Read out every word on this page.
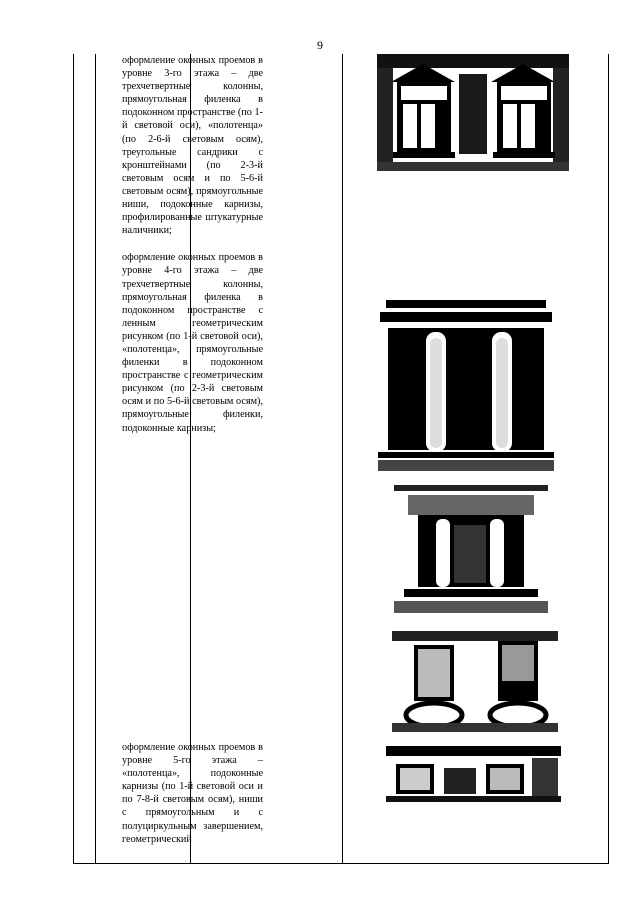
9

оформление оконных проемов в уровне 3-го этажа – две трехчетвертные колонны, прямоугольная филенка в подоконном пространстве (по 1-й световой оси), «полотенца» (по 2-6-й световым осям), треугольные сандрики с кронштейнами (по 2-3-й световым осям и по 5-6-й световым осям), прямоугольные ниши, подоконные карнизы, профилированные штукатурные наличники;

оформление оконных проемов в уровне 4-го этажа – две трехчетвертные колонны, прямоугольная филенка в подоконном пространстве с ленным геометрическим рисунком (по 1-й световой оси), «полотенца», прямоугольные филенки в подоконном пространстве с геометрическим рисунком (по 2-3-й световым осям и по 5-6-й световым осям), прямоугольные филенки, подоконные карнизы;

оформление оконных проемов в уровне 5-го этажа – «полотенца», подоконные карнизы (по 1-й световой оси и по 7-8-й световым осям), ниши с прямоугольным и с полуциркульным завершением, геометрический
